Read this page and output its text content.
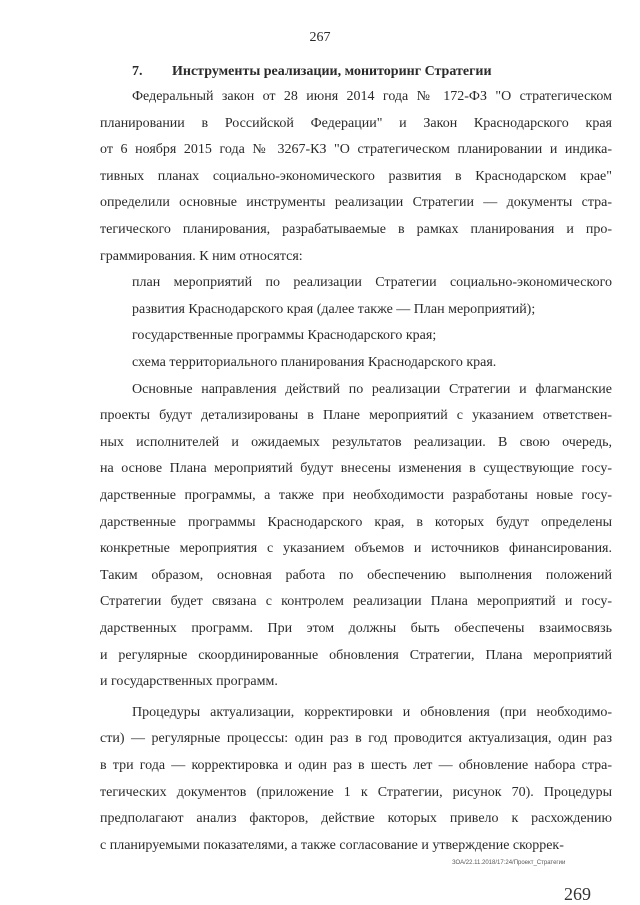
267
7. Инструменты реализации, мониторинг Стратегии
Федеральный закон от 28 июня 2014 года № 172-ФЗ "О стратегическом
планировании в Российской Федерации" и Закон Краснодарского края
от 6 ноября 2015 года № 3267-КЗ "О стратегическом планировании и индика-
тивных планах социально-экономического развития в Краснодарском крае"
определили основные инструменты реализации Стратегии — документы стра-
тегического планирования, разрабатываемые в рамках планирования и про-
граммирования. К ним относятся:
план мероприятий по реализации Стратегии социально-экономического
развития Краснодарского края (далее также — План мероприятий);
государственные программы Краснодарского края;
схема территориального планирования Краснодарского края.
Основные направления действий по реализации Стратегии и флагманские
проекты будут детализированы в Плане мероприятий с указанием ответствен-
ных исполнителей и ожидаемых результатов реализации. В свою очередь,
на основе Плана мероприятий будут внесены изменения в существующие госу-
дарственные программы, а также при необходимости разработаны новые госу-
дарственные программы Краснодарского края, в которых будут определены
конкретные мероприятия с указанием объемов и источников финансирования.
Таким образом, основная работа по обеспечению выполнения положений
Стратегии будет связана с контролем реализации Плана мероприятий и госу-
дарственных программ. При этом должны быть обеспечены взаимосвязь
и регулярные скоординированные обновления Стратегии, Плана мероприятий
и государственных программ.
Процедуры актуализации, корректировки и обновления (при необходимо-
сти) — регулярные процессы: один раз в год проводится актуализация, один раз
в три года — корректировка и один раз в шесть лет — обновление набора стра-
тегических документов (приложение 1 к Стратегии, рисунок 70). Процедуры
предполагают анализ факторов, действие которых привело к расхождению
с планируемыми показателями, а также согласование и утверждение скоррек-
ЗОА/22.11.2018/17:24/Проект_Стратегии
269
